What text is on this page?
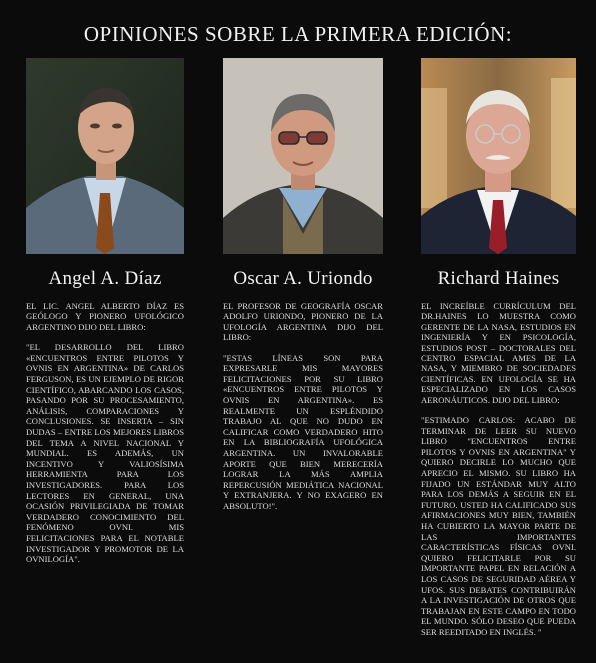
OPINIONES SOBRE LA PRIMERA EDICIÓN:
Angel A. Díaz
EL LIC. ANGEL ALBERTO DÍAZ ES GEÓLOGO Y PIONERO UFOLÓGICO ARGENTINO DIJO DEL LIBRO:
"EL DESARROLLO DEL LIBRO «ENCUENTROS ENTRE PILOTOS Y OVNIS EN ARGENTINA» DE CARLOS FERGUSON, ES UN EJEMPLO DE RIGOR CIENTÍFICO, ABARCANDO LOS CASOS, PASANDO POR SU PROCESAMIENTO, ANÁLISIS, COMPARACIONES Y CONCLUSIONES. SE INSERTA – SIN DUDAS – ENTRE LOS MEJORES LIBROS DEL TEMA A NIVEL NACIONAL Y MUNDIAL. ES ADEMÁS, UN INCENTIVO Y VALIOSÍSIMA HERRAMIENTA PARA LOS INVESTIGADORES. PARA LOS LECTORES EN GENERAL, UNA OCASIÓN PRIVILEGIADA DE TOMAR VERDADERO CONOCIMIENTO DEL FENÓMENO OVNI. MIS FELICITACIONES PARA EL NOTABLE INVESTIGADOR Y PROMOTOR DE LA OVNILOGÍA".
Oscar A. Uriondo
EL PROFESOR DE GEOGRAFÍA OSCAR ADOLFO URIONDO, PIONERO DE LA UFOLOGÍA ARGENTINA DIJO DEL LIBRO:
"ESTAS LÍNEAS SON PARA EXPRESARLE MIS MAYORES FELICITACIONES POR SU LIBRO «ENCUENTROS ENTRE PILOTOS Y OVNIS EN ARGENTINA». ES REALMENTE UN ESPLÉNDIDO TRABAJO AL QUE NO DUDO EN CALIFICAR COMO VERDADERO HITO EN LA BIBLIOGRAFÍA UFOLÓGICA ARGENTINA. UN INVALORABLE APORTE QUE BIEN MERECERÍA LOGRAR LA MÁS AMPLIA REPERCUSIÓN MEDIÁTICA NACIONAL Y EXTRANJERA. Y NO EXAGERO EN ABSOLUTO!".
Richard Haines
EL INCREÍBLE CURRÍCULUM DEL DR.HAINES LO MUESTRA COMO GERENTE DE LA NASA, ESTUDIOS EN INGENIERÍA Y EN PSICOLOGÍA, ESTUDIOS POST – DOCTORALES DEL CENTRO ESPACIAL AMES DE LA NASA, Y MIEMBRO DE SOCIEDADES CIENTÍFICAS. EN UFOLOGÍA SE HA ESPECIALIZADO EN LOS CASOS AERONÁUTICOS. DIJO DEL LIBRO:
"ESTIMADO CARLOS: ACABO DE TERMINAR DE LEER SU NUEVO LIBRO "ENCUENTROS ENTRE PILOTOS Y OVNIS EN ARGENTINA" Y QUIERO DECIRLE LO MUCHO QUE APRECIO EL MISMO. SU LIBRO HA FIJADO UN ESTÁNDAR MUY ALTO PARA LOS DEMÁS A SEGUIR EN EL FUTURO. USTED HA CALIFICADO SUS AFIRMACIONES MUY BIEN, TAMBIÉN HA CUBIERTO LA MAYOR PARTE DE LAS IMPORTANTES CARACTERÍSTICAS FÍSICAS OVNI. QUIERO FELICITARLE POR SU IMPORTANTE PAPEL EN RELACIÓN A LOS CASOS DE SEGURIDAD AÉREA Y UFOS. SUS DEBATES CONTRIBUIRÁN A LA INVESTIGACIÓN DE OTROS QUE TRABAJAN EN ESTE CAMPO EN TODO EL MUNDO. SÓLO DESEO QUE PUEDA SER REEDITADO EN INGLÉS. "
